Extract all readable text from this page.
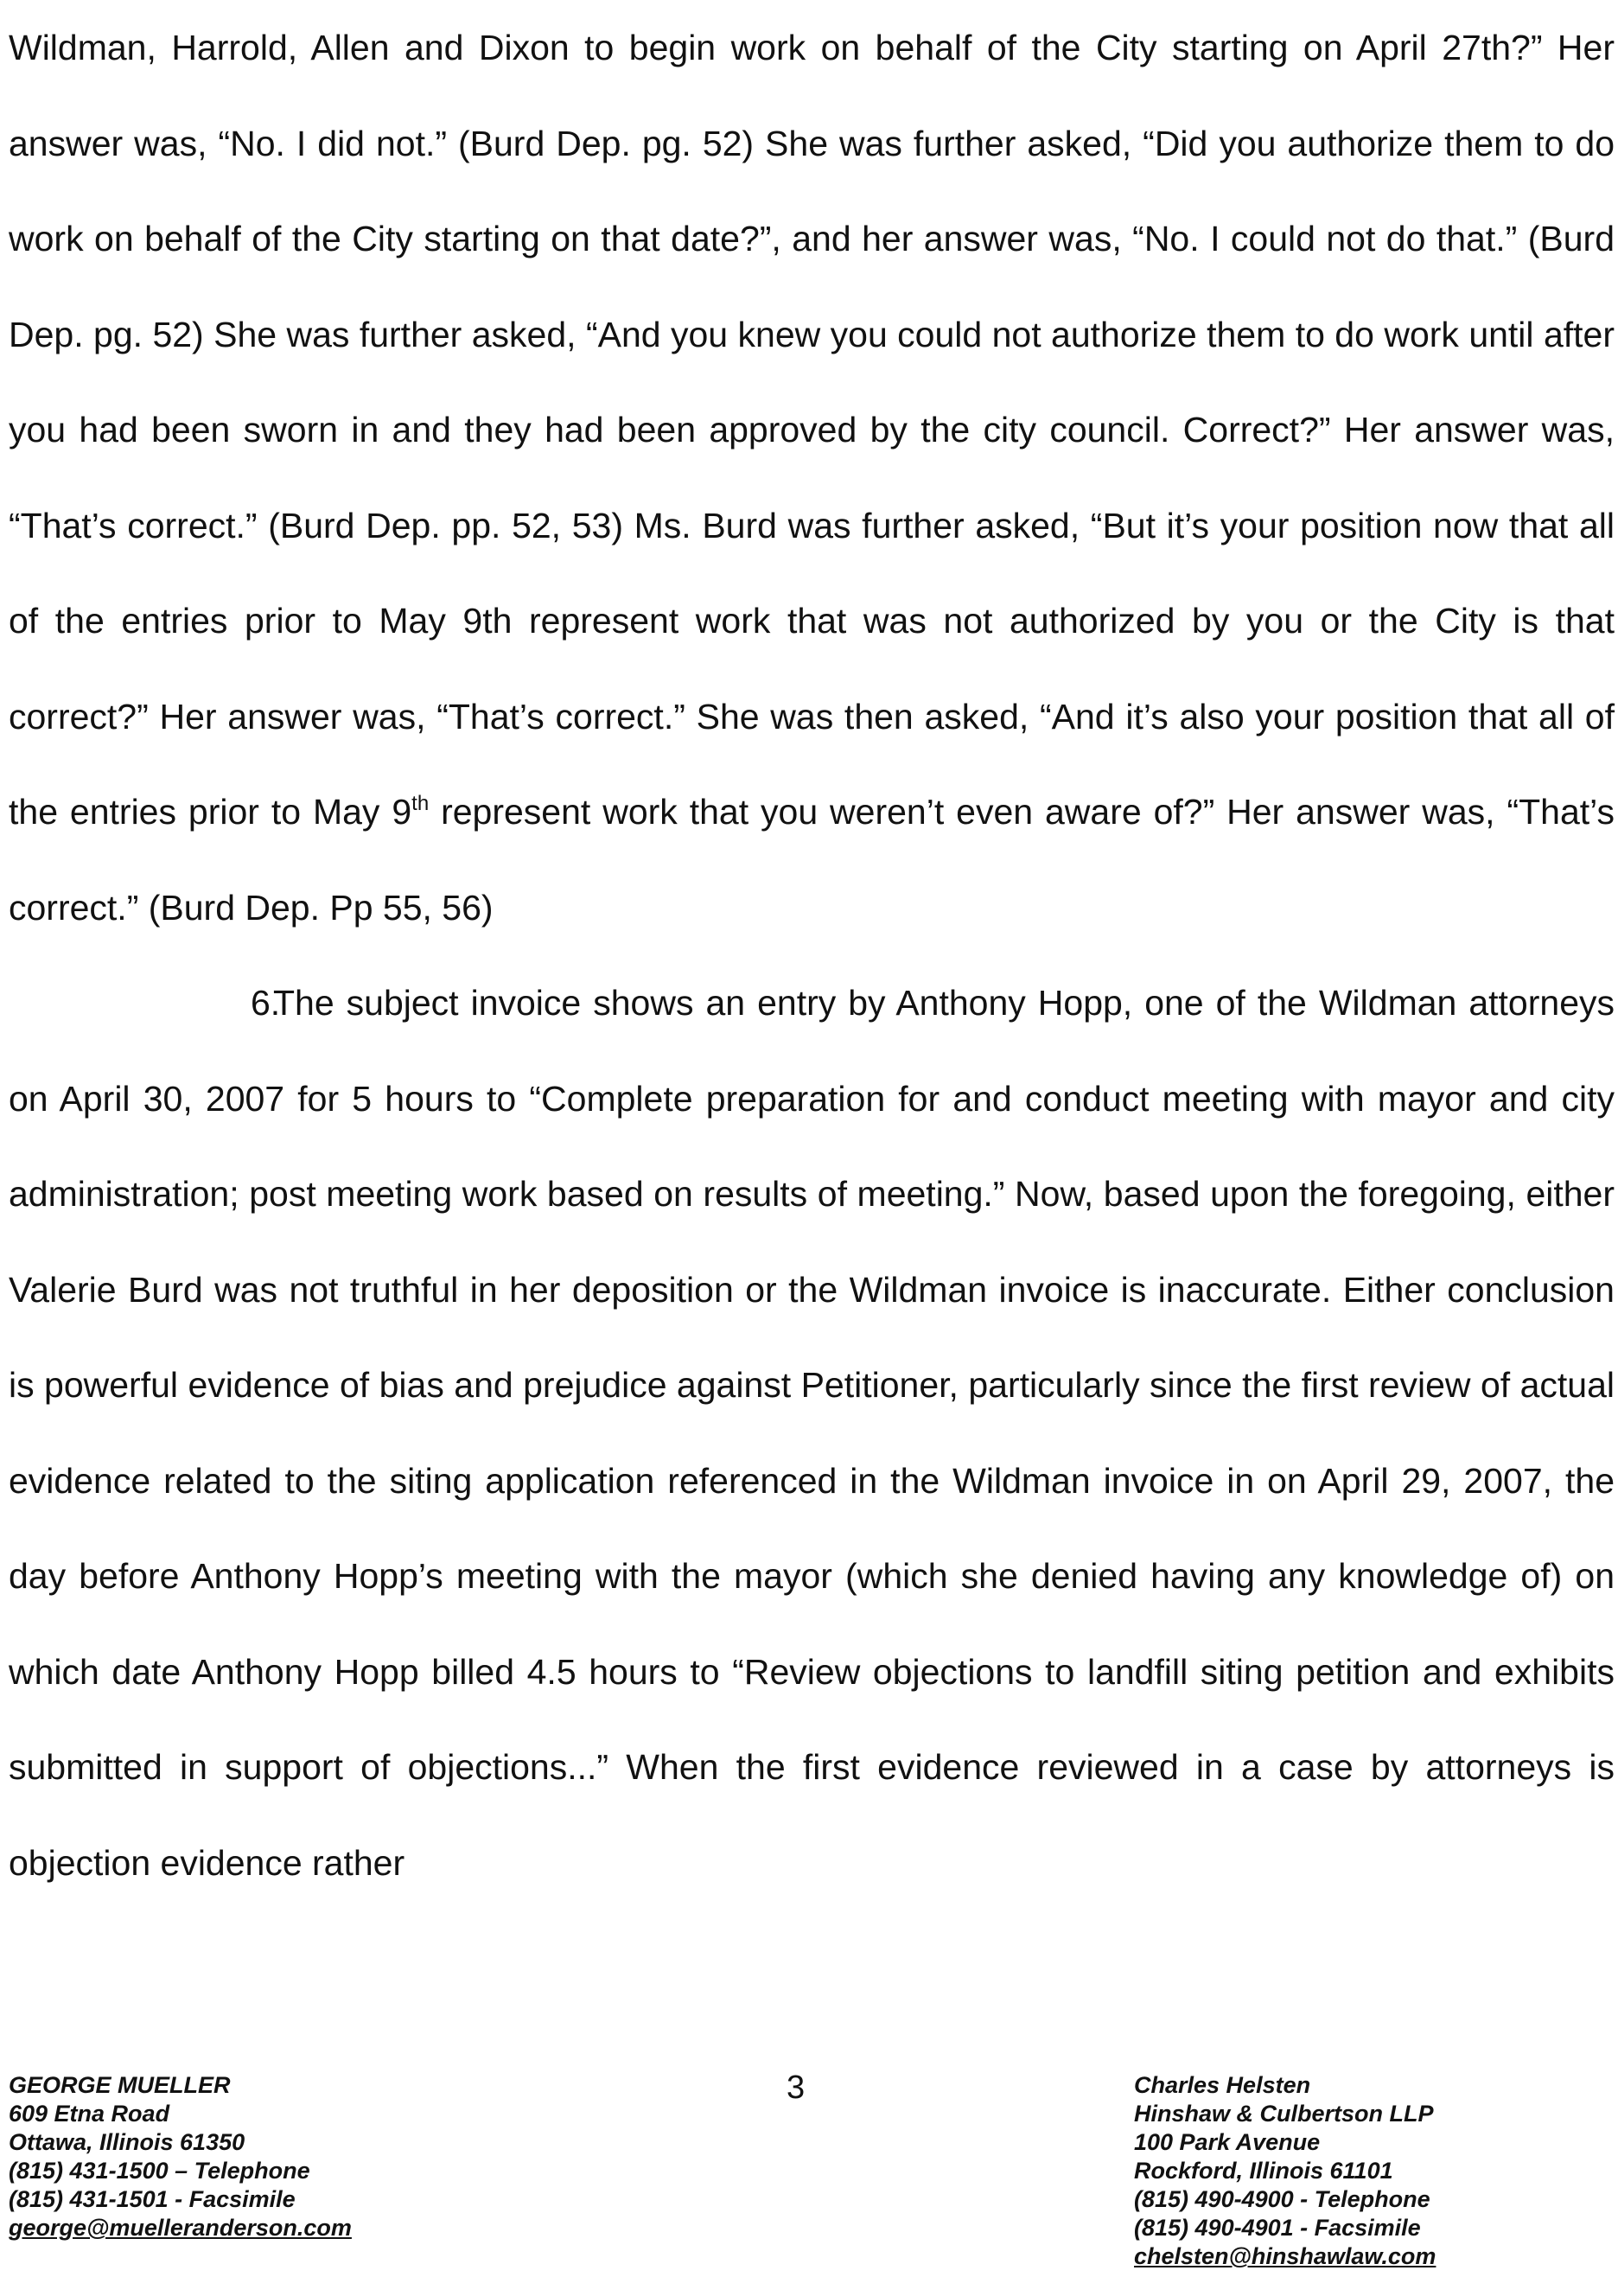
Wildman, Harrold, Allen and Dixon to begin work on behalf of the City starting on April 27th?” Her answer was, “No. I did not.” (Burd Dep. pg. 52) She was further asked, “Did you authorize them to do work on behalf of the City starting on that date?”, and her answer was, “No. I could not do that.” (Burd Dep. pg. 52) She was further asked, “And you knew you could not authorize them to do work until after you had been sworn in and they had been approved by the city council. Correct?” Her answer was, “That’s correct.” (Burd Dep. pp. 52, 53) Ms. Burd was further asked, “But it’s your position now that all of the entries prior to May 9th represent work that was not authorized by you or the City is that correct?” Her answer was, “That’s correct.” She was then asked, “And it’s also your position that all of the entries prior to May 9th represent work that you weren’t even aware of?” Her answer was, “That’s correct.” (Burd Dep. Pp 55, 56)

6.The subject invoice shows an entry by Anthony Hopp, one of the Wildman attorneys on April 30, 2007 for 5 hours to “Complete preparation for and conduct meeting with mayor and city administration; post meeting work based on results of meeting.” Now, based upon the foregoing, either Valerie Burd was not truthful in her deposition or the Wildman invoice is inaccurate. Either conclusion is powerful evidence of bias and prejudice against Petitioner, particularly since the first review of actual evidence related to the siting application referenced in the Wildman invoice in on April 29, 2007, the day before Anthony Hopp’s meeting with the mayor (which she denied having any knowledge of) on which date Anthony Hopp billed 4.5 hours to “Review objections to landfill siting petition and exhibits submitted in support of objections...” When the first evidence reviewed in a case by attorneys is objection evidence rather

3
GEORGE MUELLER
609 Etna Road
Ottawa, Illinois 61350
(815) 431-1500 – Telephone
(815) 431-1501 - Facsimile
george@muelleranderson.com
Charles Helsten
Hinshaw & Culbertson LLP
100 Park Avenue
Rockford, Illinois 61101
(815) 490-4900 - Telephone
(815) 490-4901 - Facsimile
chelsten@hinshawlaw.com
